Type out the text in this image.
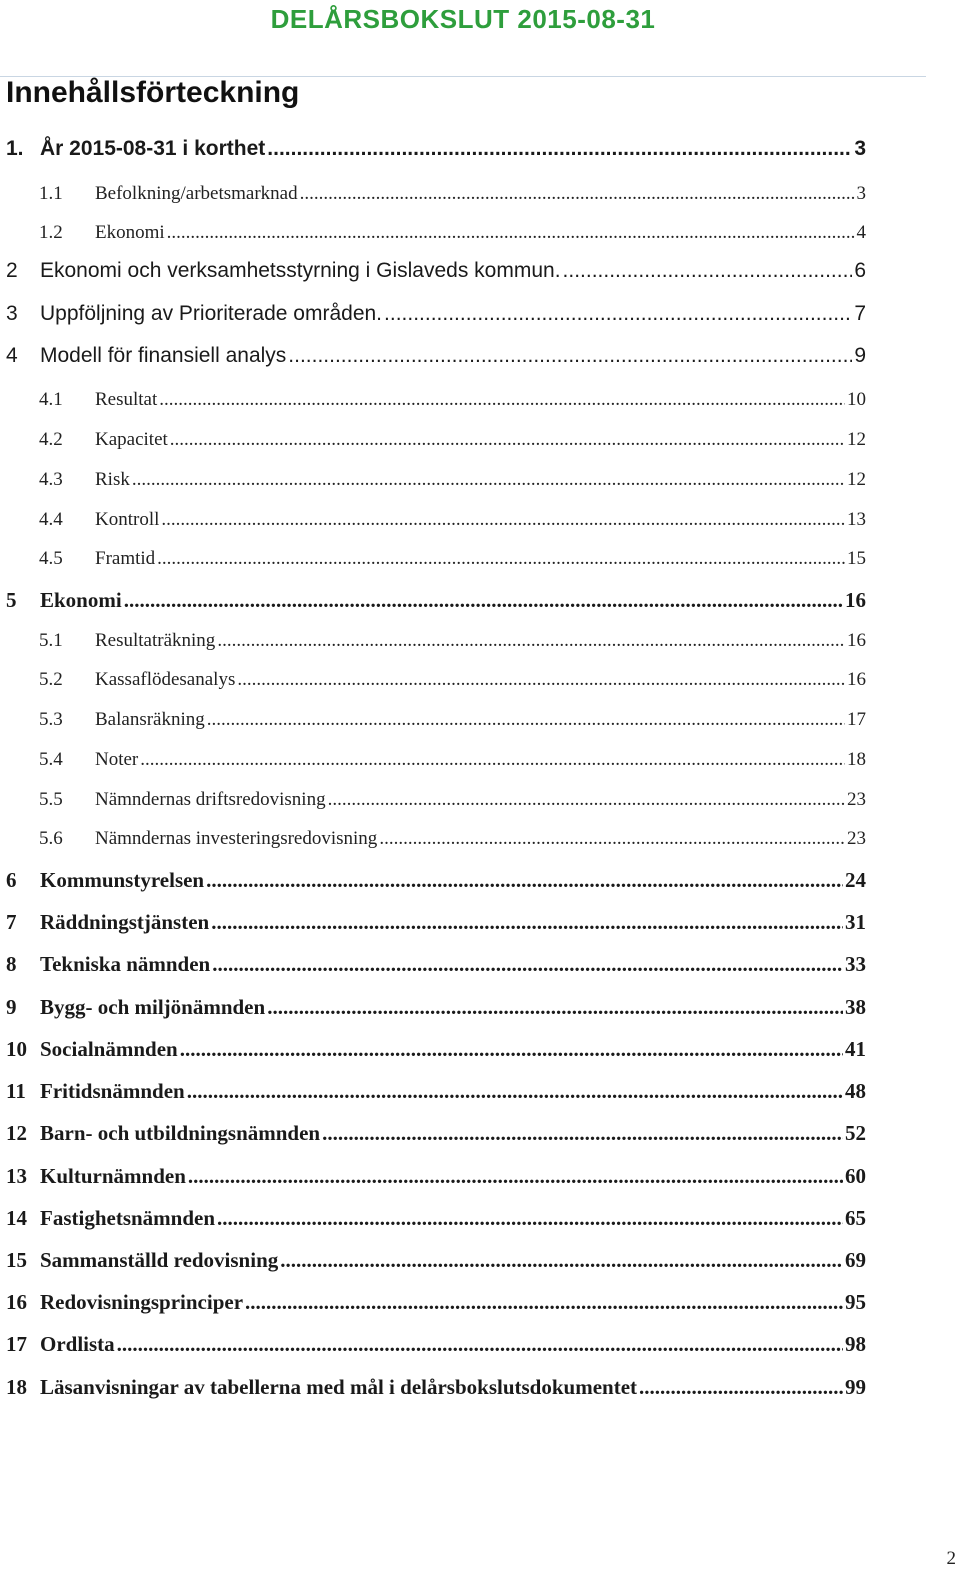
DELÅRSBOKSLUT 2015-08-31
Innehållsförteckning
1. År 2015-08-31 i korthet .....	3
1.1	Befolkning/arbetsmarknad .....	3
1.2	Ekonomi .....	4
2	Ekonomi och verksamhetsstyrning i Gislaveds kommun. .....	6
3	Uppföljning av Prioriterade områden. .....	7
4	Modell för finansiell analys .....	9
4.1	Resultat .....	10
4.2	Kapacitet .....	12
4.3	Risk .....	12
4.4	Kontroll .....	13
4.5	Framtid .....	15
5	Ekonomi .....	16
5.1	Resultaträkning .....	16
5.2	Kassaflödesanalys .....	16
5.3	Balansräkning .....	17
5.4	Noter .....	18
5.5	Nämndernas driftsredovisning .....	23
5.6	Nämndernas investeringsredovisning .....	23
6	Kommunstyrelsen .....	24
7	Räddningstjänsten .....	31
8	Tekniska nämnden .....	33
9	Bygg- och miljönämnden .....	38
10 Socialnämnden .....	41
11 Fritidsnämnden .....	48
12 Barn- och utbildningsnämnden .....	52
13 Kulturnämnden .....	60
14 Fastighetsnämnden .....	65
15 Sammanställd redovisning .....	69
16 Redovisningsprinciper .....	95
17 Ordlista .....	98
18 Läsanvisningar av tabellerna med mål i delårsbokslutsdokumentet .....	99
2
